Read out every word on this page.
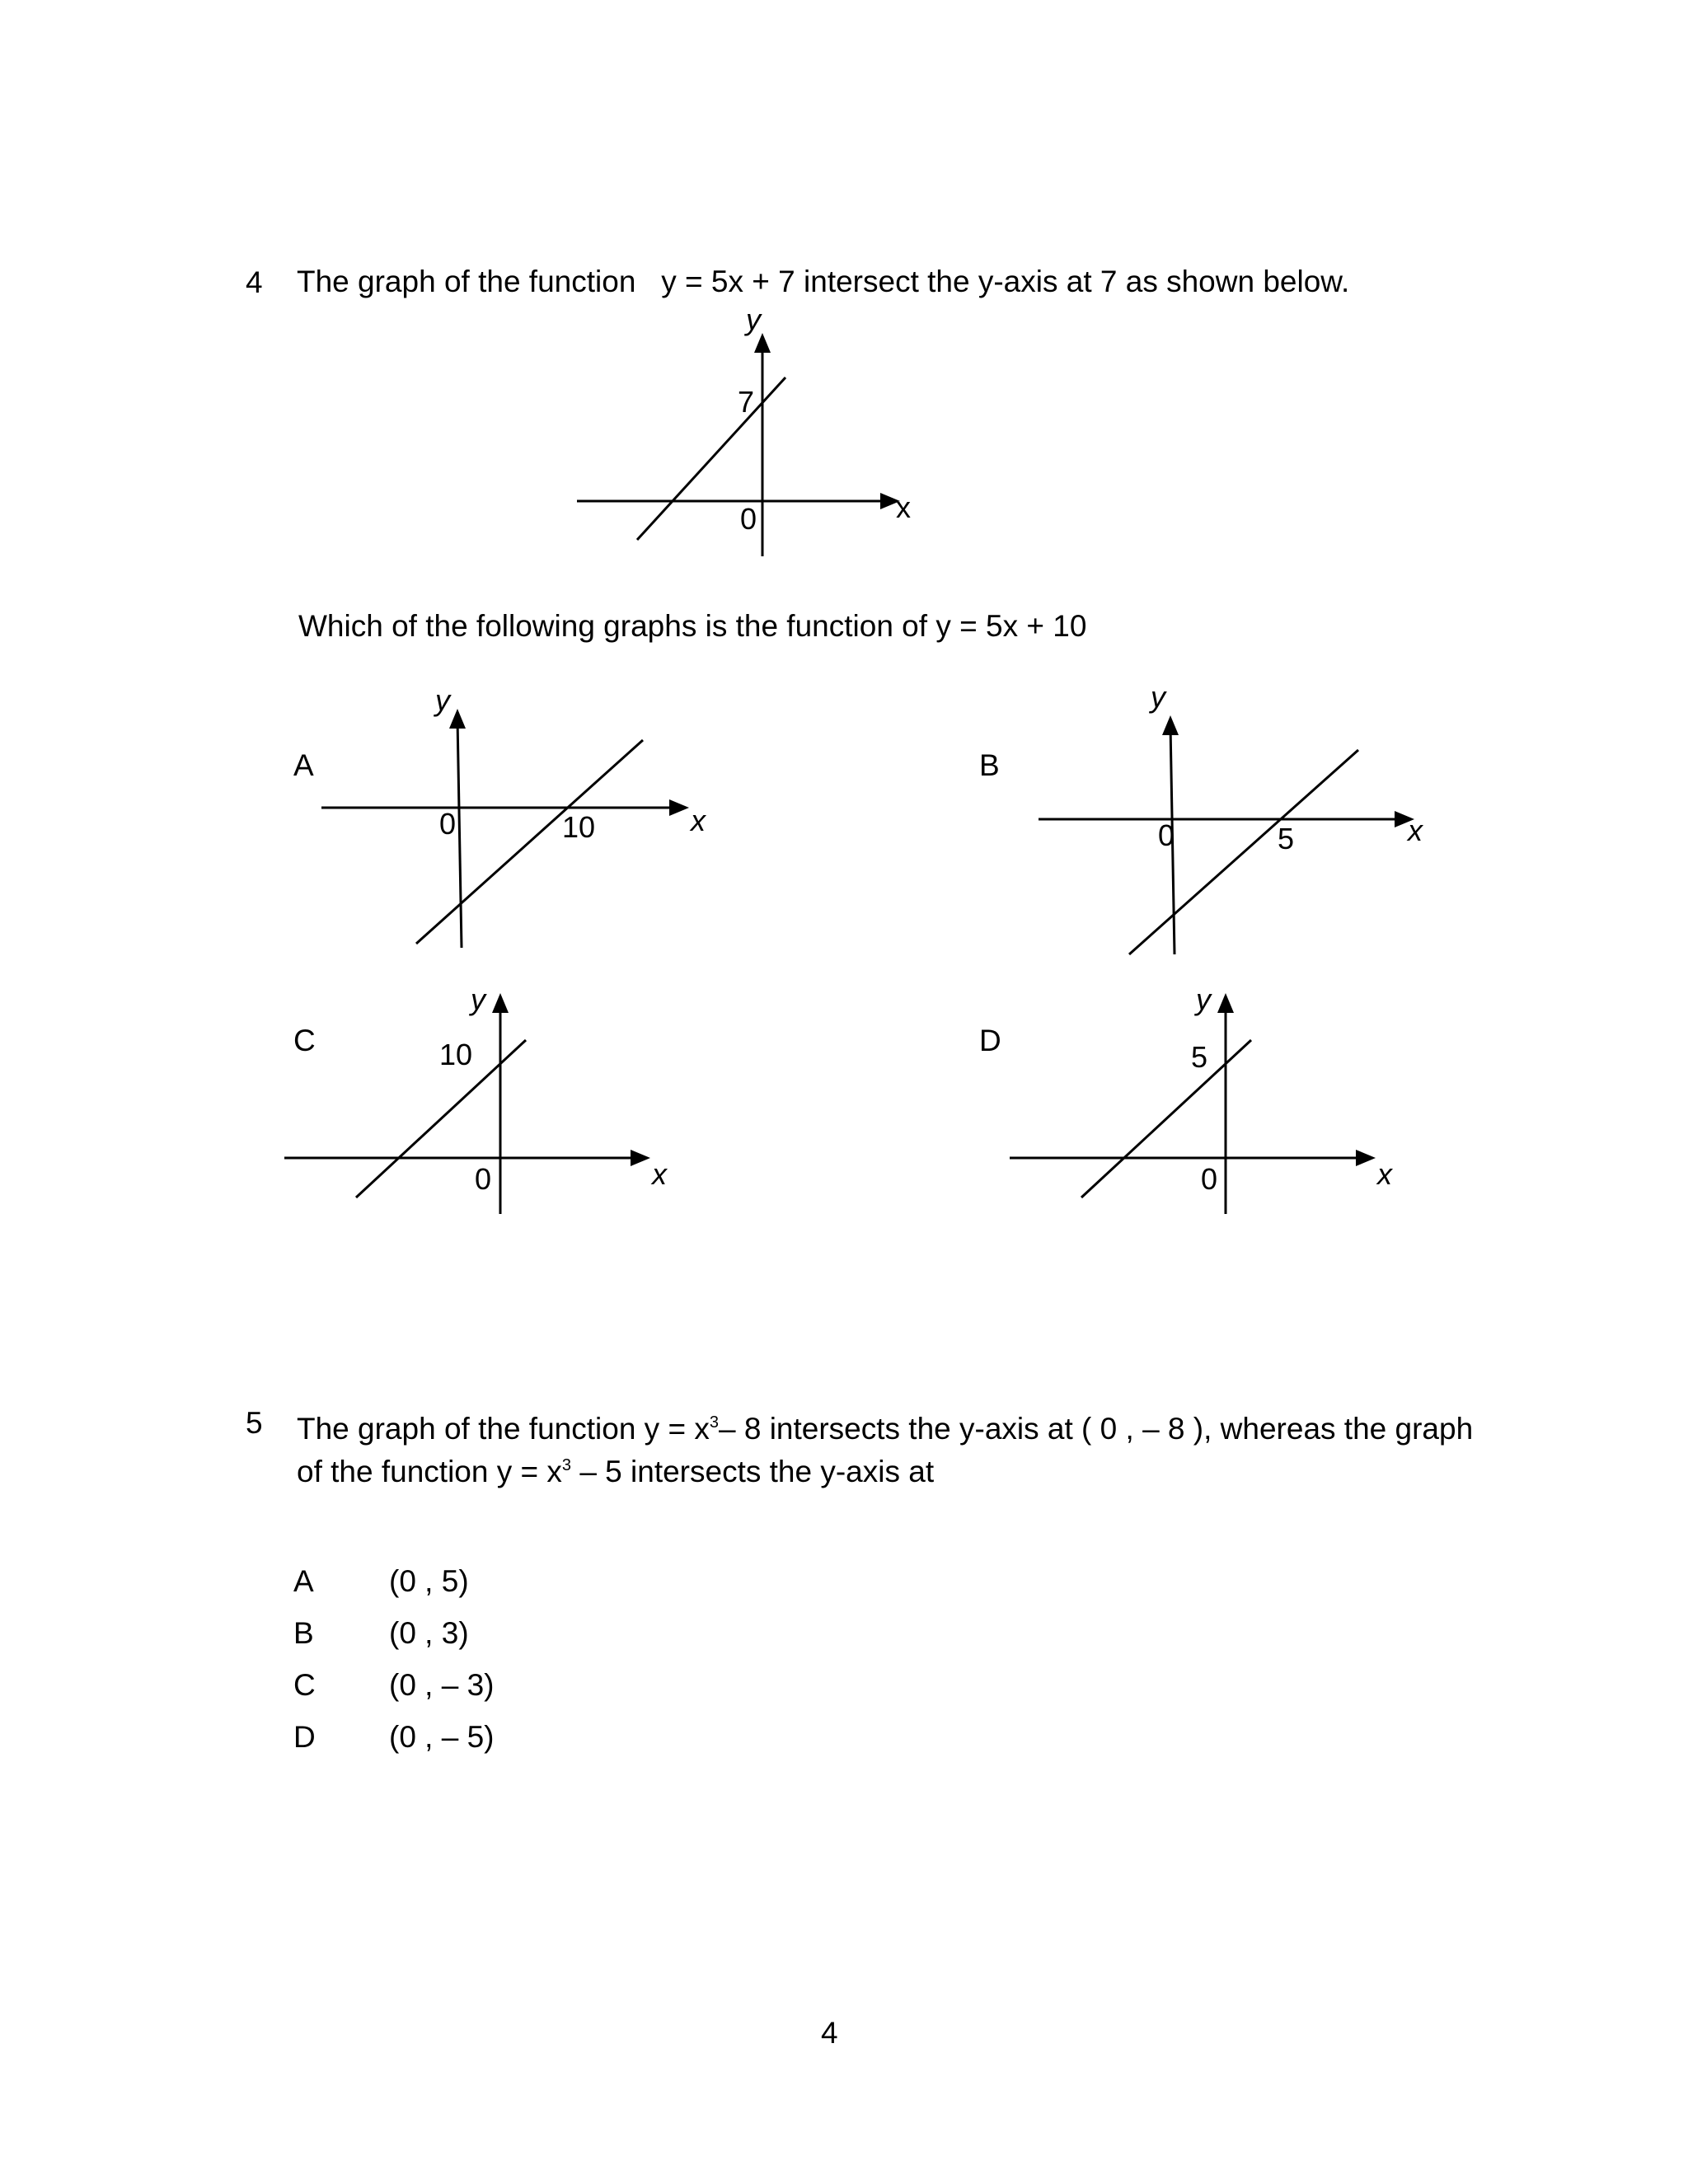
4 The graph of the function y = 5x + 7 intersect the y-axis at 7 as shown below.
y
x
0
7
Which of the following graphs is the function of y = 5x + 10
A
y
x
0	10
B
y
x
0	5
C
y
x
0
10	D
y
x
0
5
5 The graph of the function $y = x^3-$ 8 intersects the y-axis at ( 0 , – 8 ), whereas the graph
of the function $y = x^3 - 5$ intersects the y-axis at
A (0 , 5)
B (0 , 3)
C (0 , – 3)
D (0 , – 5)
4
